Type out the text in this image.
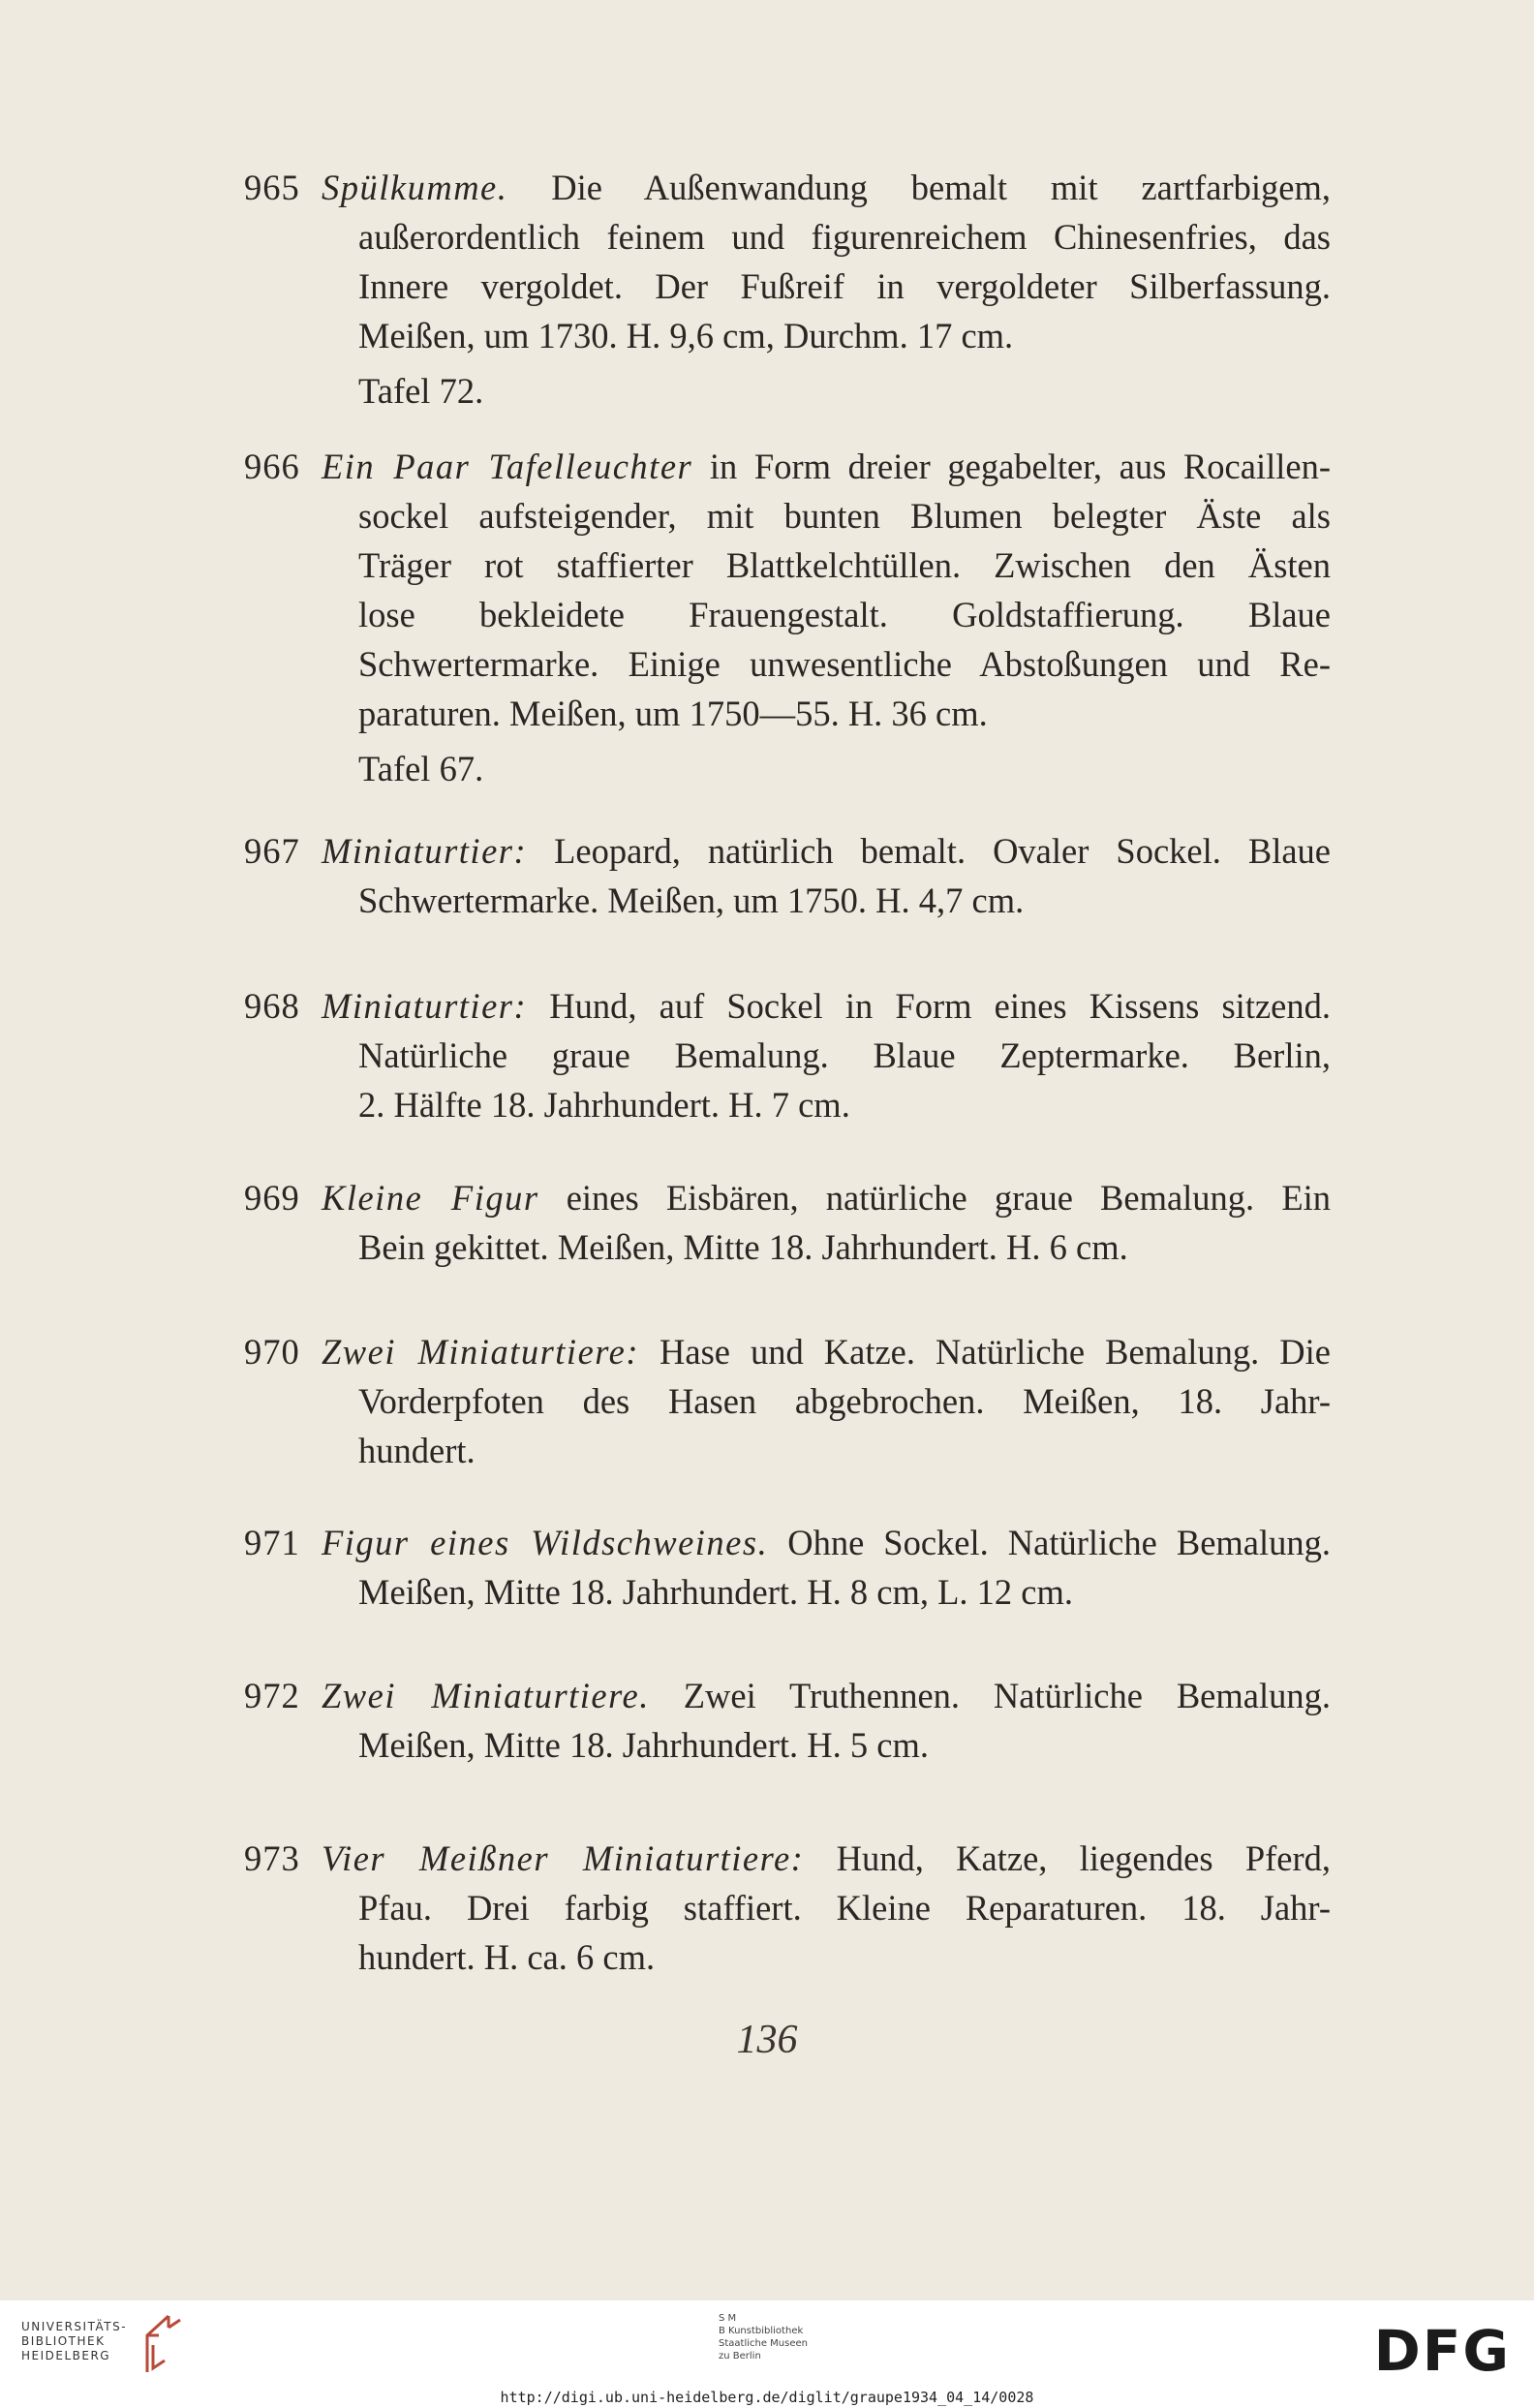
965 Spülkumme. Die Außenwandung bemalt mit zartfarbigem,
außerordentlich feinem und figurenreichem Chinesenfries, das
Innere vergoldet. Der Fußreif in vergoldeter Silberfassung.
Meißen, um 1730. H. 9,6 cm, Durchm. 17 cm.
Tafel 72.
966 Ein Paar Tafelleuchter in Form dreier gegabelter, aus Rocaillen-
sockel aufsteigender, mit bunten Blumen belegter Äste als
Träger rot staffierter Blattkelchtüllen. Zwischen den Ästen
lose bekleidete Frauengestalt. Goldstaffierung. Blaue
Schwertermarke. Einige unwesentliche Abstoßungen und Re-
paraturen. Meißen, um 1750—55. H. 36 cm.
Tafel 67.
967 Miniaturtier: Leopard, natürlich bemalt. Ovaler Sockel. Blaue
Schwertermarke. Meißen, um 1750. H. 4,7 cm.
968 Miniaturtier: Hund, auf Sockel in Form eines Kissens sitzend.
Natürliche graue Bemalung. Blaue Zeptermarke. Berlin,
2. Hälfte 18. Jahrhundert. H. 7 cm.
969 Kleine Figur eines Eisbären, natürliche graue Bemalung. Ein
Bein gekittet. Meißen, Mitte 18. Jahrhundert. H. 6 cm.
970 Zwei Miniaturtiere: Hase und Katze. Natürliche Bemalung. Die
Vorderpfoten des Hasen abgebrochen. Meißen, 18. Jahr-
hundert.
971 Figur eines Wildschweines. Ohne Sockel. Natürliche Bemalung.
Meißen, Mitte 18. Jahrhundert. H. 8 cm, L. 12 cm.
972 Zwei Miniaturtiere. Zwei Truthennen. Natürliche Bemalung.
Meißen, Mitte 18. Jahrhundert. H. 5 cm.
973 Vier Meißner Miniaturtiere: Hund, Katze, liegendes Pferd,
Pfau. Drei farbig staffiert. Kleine Reparaturen. 18. Jahr-
hundert. H. ca. 6 cm.
136
UNIVERSITÄTS-
BIBLIOTHEK
HEIDELBERG
S M
B Kunstbibliothek
Staatliche Museen
zu Berlin	DFG
http://digi.ub.uni-heidelberg.de/diglit/graupe1934_04_14/0028
